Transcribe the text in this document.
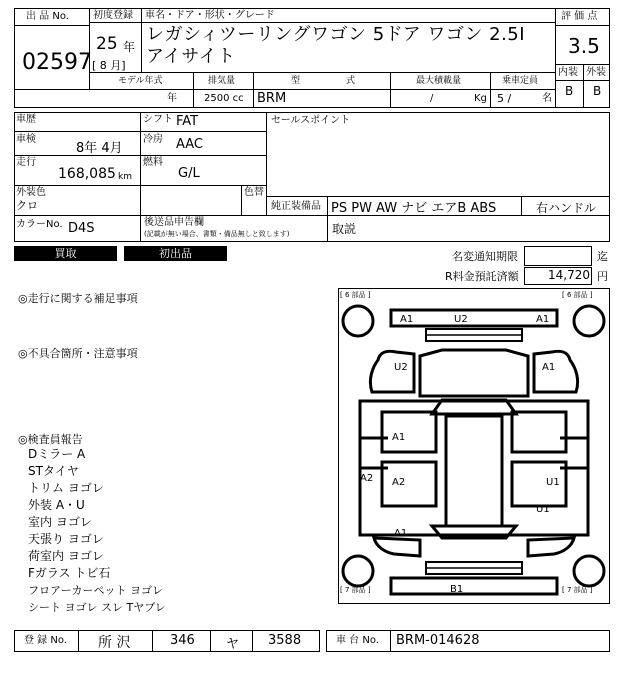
出 品 No.
02597
初度登録
25 年
[ 8 月]
車名・ドア・形状・グレード
レガシィツーリングワゴン 5ドア ワゴン 2.5I アイサイト
評 価 点
3.5
内装 外装
B B
モデル年式
年
排気量
2500 cc
型	式
BRM
最大積載量
/	Kg
乗車定員
5 /	名
車歴	シフト FAT	セールスポイント
車検
8年 4月
冷房 AAC
走行
168,085 km
燃料
G/L
外装色
クロ
色替
純正装備品 PS PW AW ナビ エアB ABS	右ハンドル
カラーNo. D4S	後送品申告欄
(記載が無い場合、書類・備品無しと致します)	取説
買取	初出品	名変通知期限	迄
R料金預託済額 14,720 円
◎走行に関する補足事項
◎不具合箇所・注意事項
◎検査員報告
Dミラー A
STタイヤ
トリム ヨゴレ
外装 A・U
室内 ヨゴレ
天張り ヨゴレ
荷室内 ヨゴレ
Fガラス トビ石
フロアーカーペット ヨゴレ
シート ヨゴレ スレ Tヤブレ
[ 6 部品 ]	[ 6 部品 ]
[ 7 部品 ]	[ 7 部品 ]
A1	U2	A1
U2	A1
A1
A2 A2	U1
U1
A1
B1
登 録 No. 所 沢	346 ヤ 3588	車 台 No. BRM-014628
